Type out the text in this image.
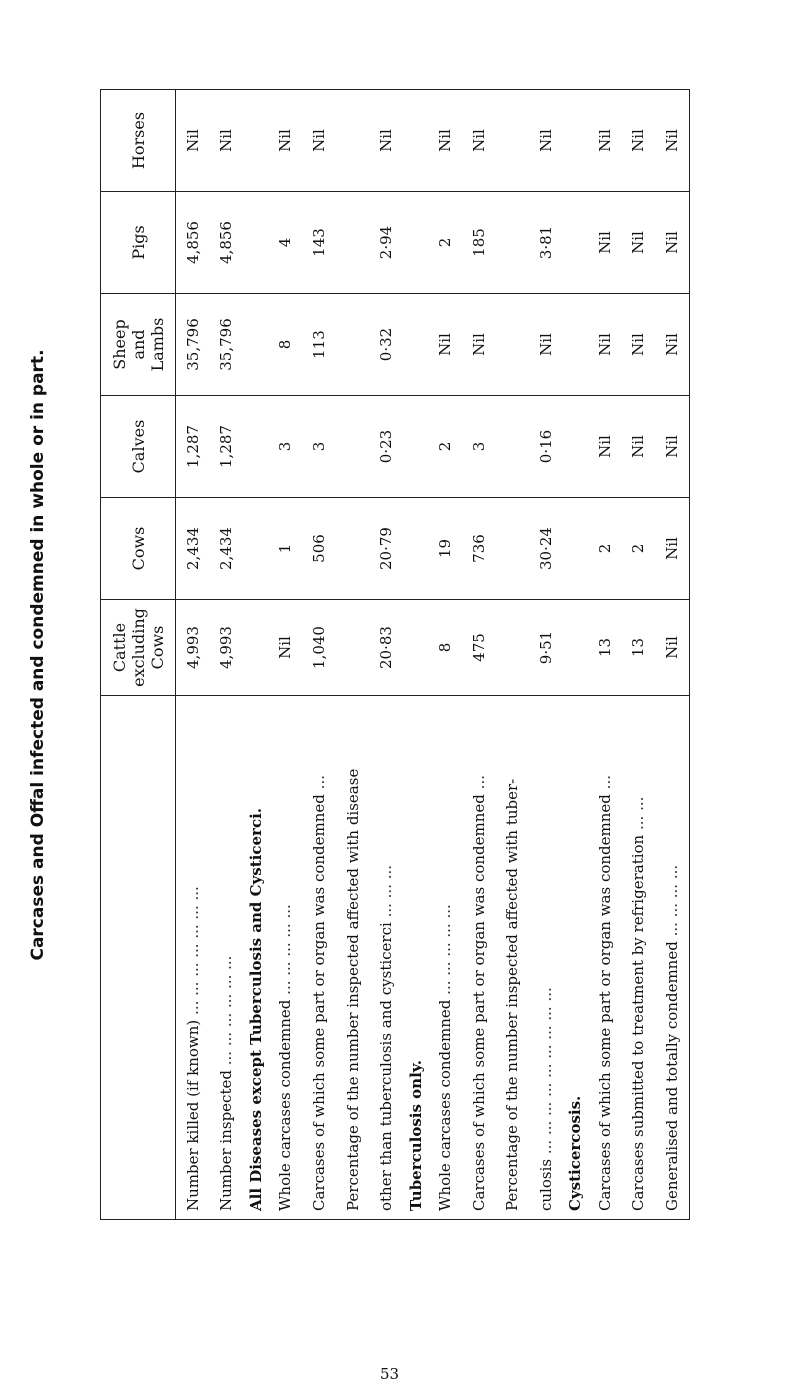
Carcases and Offal infected and condemned in whole or in part.
		Cattle excluding Cows	Cows	Calves	Sheep and Lambs	Pigs	Horses
Number killed (if known) ... ... ... ... ... ... ...	4,993	2,434	1,287	35,796	4,856	Nil
Number inspected ... ... ... ... ... ...	4,993	2,434	1,287	35,796	4,856	Nil
All Diseases except Tuberculosis and Cysticerci.						
Whole carcases condemned ... ... ... ... ...	Nil	1	3	8	4	Nil
Carcases of which some part or organ was condemned ...	1,040	506	3	113	143	Nil
Percentage of the number inspected affected with disease						
other than tuberculosis and cysticerci ... ... ...	20·83	20·79	0·23	0·32	2·94	Nil
Tuberculosis only.						
Whole carcases condemned ... ... ... ... ...	8	19	2	Nil	2	Nil
Carcases of which some part or organ was condemned ...	475	736	3	Nil	185	Nil
Percentage of the number inspected affected with tuber-						
culosis ... ... ... ... ... ... ... ... ...	9·51	30·24	0·16	Nil	3·81	Nil
Cysticercosis.						
Carcases of which some part or organ was condemned ...	13	2	Nil	Nil	Nil	Nil
Carcases submitted to treatment by refrigeration ... ...	13	2	Nil	Nil	Nil	Nil
Generalised and totally condemned ... ... ... ...	Nil	Nil	Nil	Nil	Nil	Nil
53
